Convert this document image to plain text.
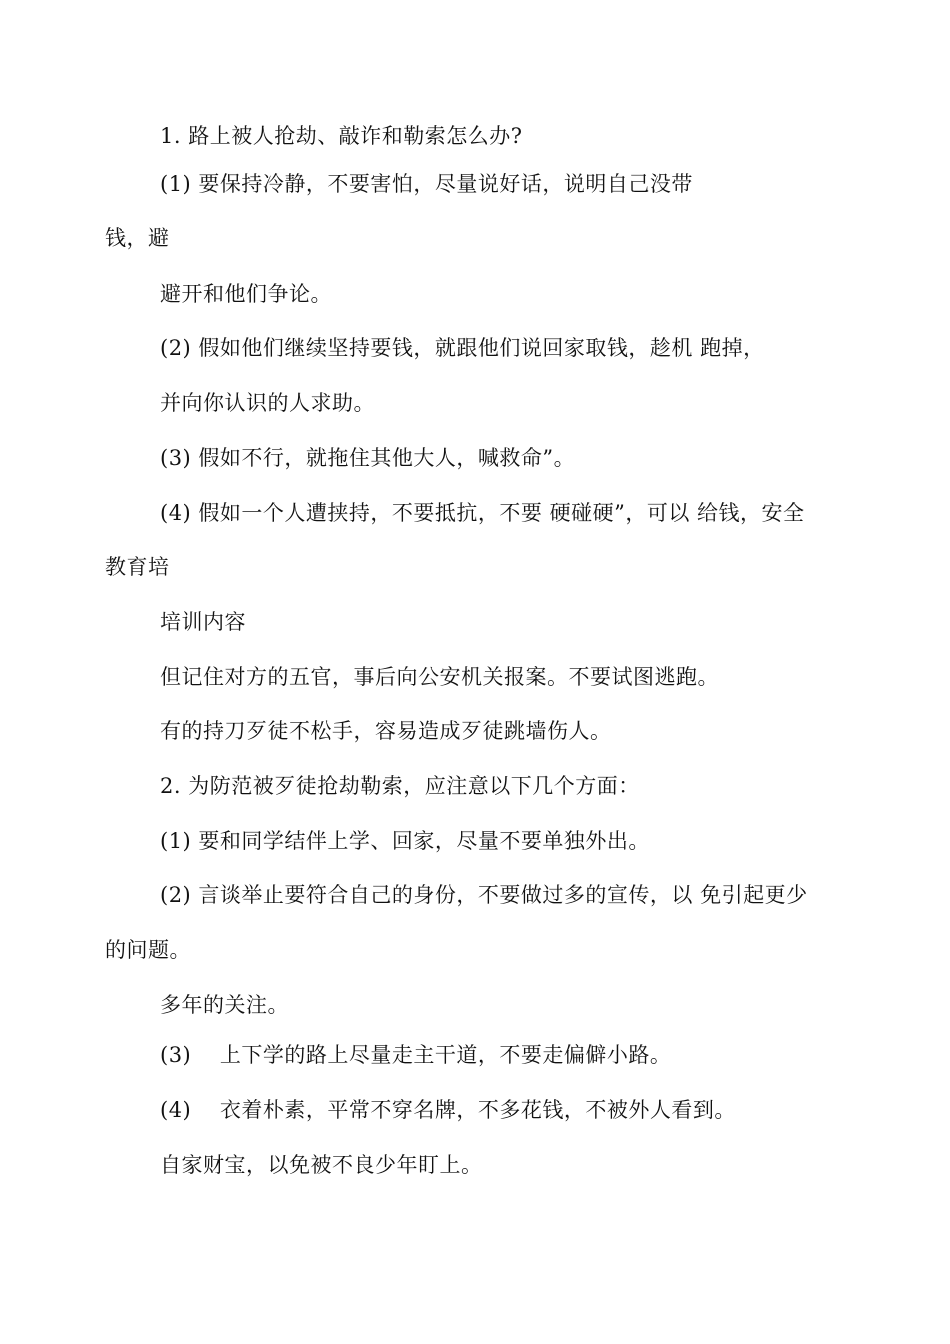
1. 路上被人抢劫、敲诈和勒索怎么办?
(1) 要保持冷静，不要害怕，尽量说好话，说明自己没带
钱，避
避开和他们争论。
(2) 假如他们继续坚持要钱，就跟他们说回家取钱，趁机 跑掉，
并向你认识的人求助。
(3) 假如不行，就拖住其他大人，喊救命”。
(4) 假如一个人遭挟持，不要抵抗，不要 硬碰硬”，可以 给钱，安全
教育培
培训内容
但记住对方的五官，事后向公安机关报案。不要试图逃跑。
有的持刀歹徒不松手，容易造成歹徒跳墙伤人。
2. 为防范被歹徒抢劫勒索，应注意以下几个方面：
(1) 要和同学结伴上学、回家，尽量不要单独外出。
(2) 言谈举止要符合自己的身份，不要做过多的宣传，以 免引起更少
的问题。
多年的关注。
(3)　 上下学的路上尽量走主干道，不要走偏僻小路。
(4)　 衣着朴素，平常不穿名牌，不多花钱，不被外人看到。
自家财宝，以免被不良少年盯上。
